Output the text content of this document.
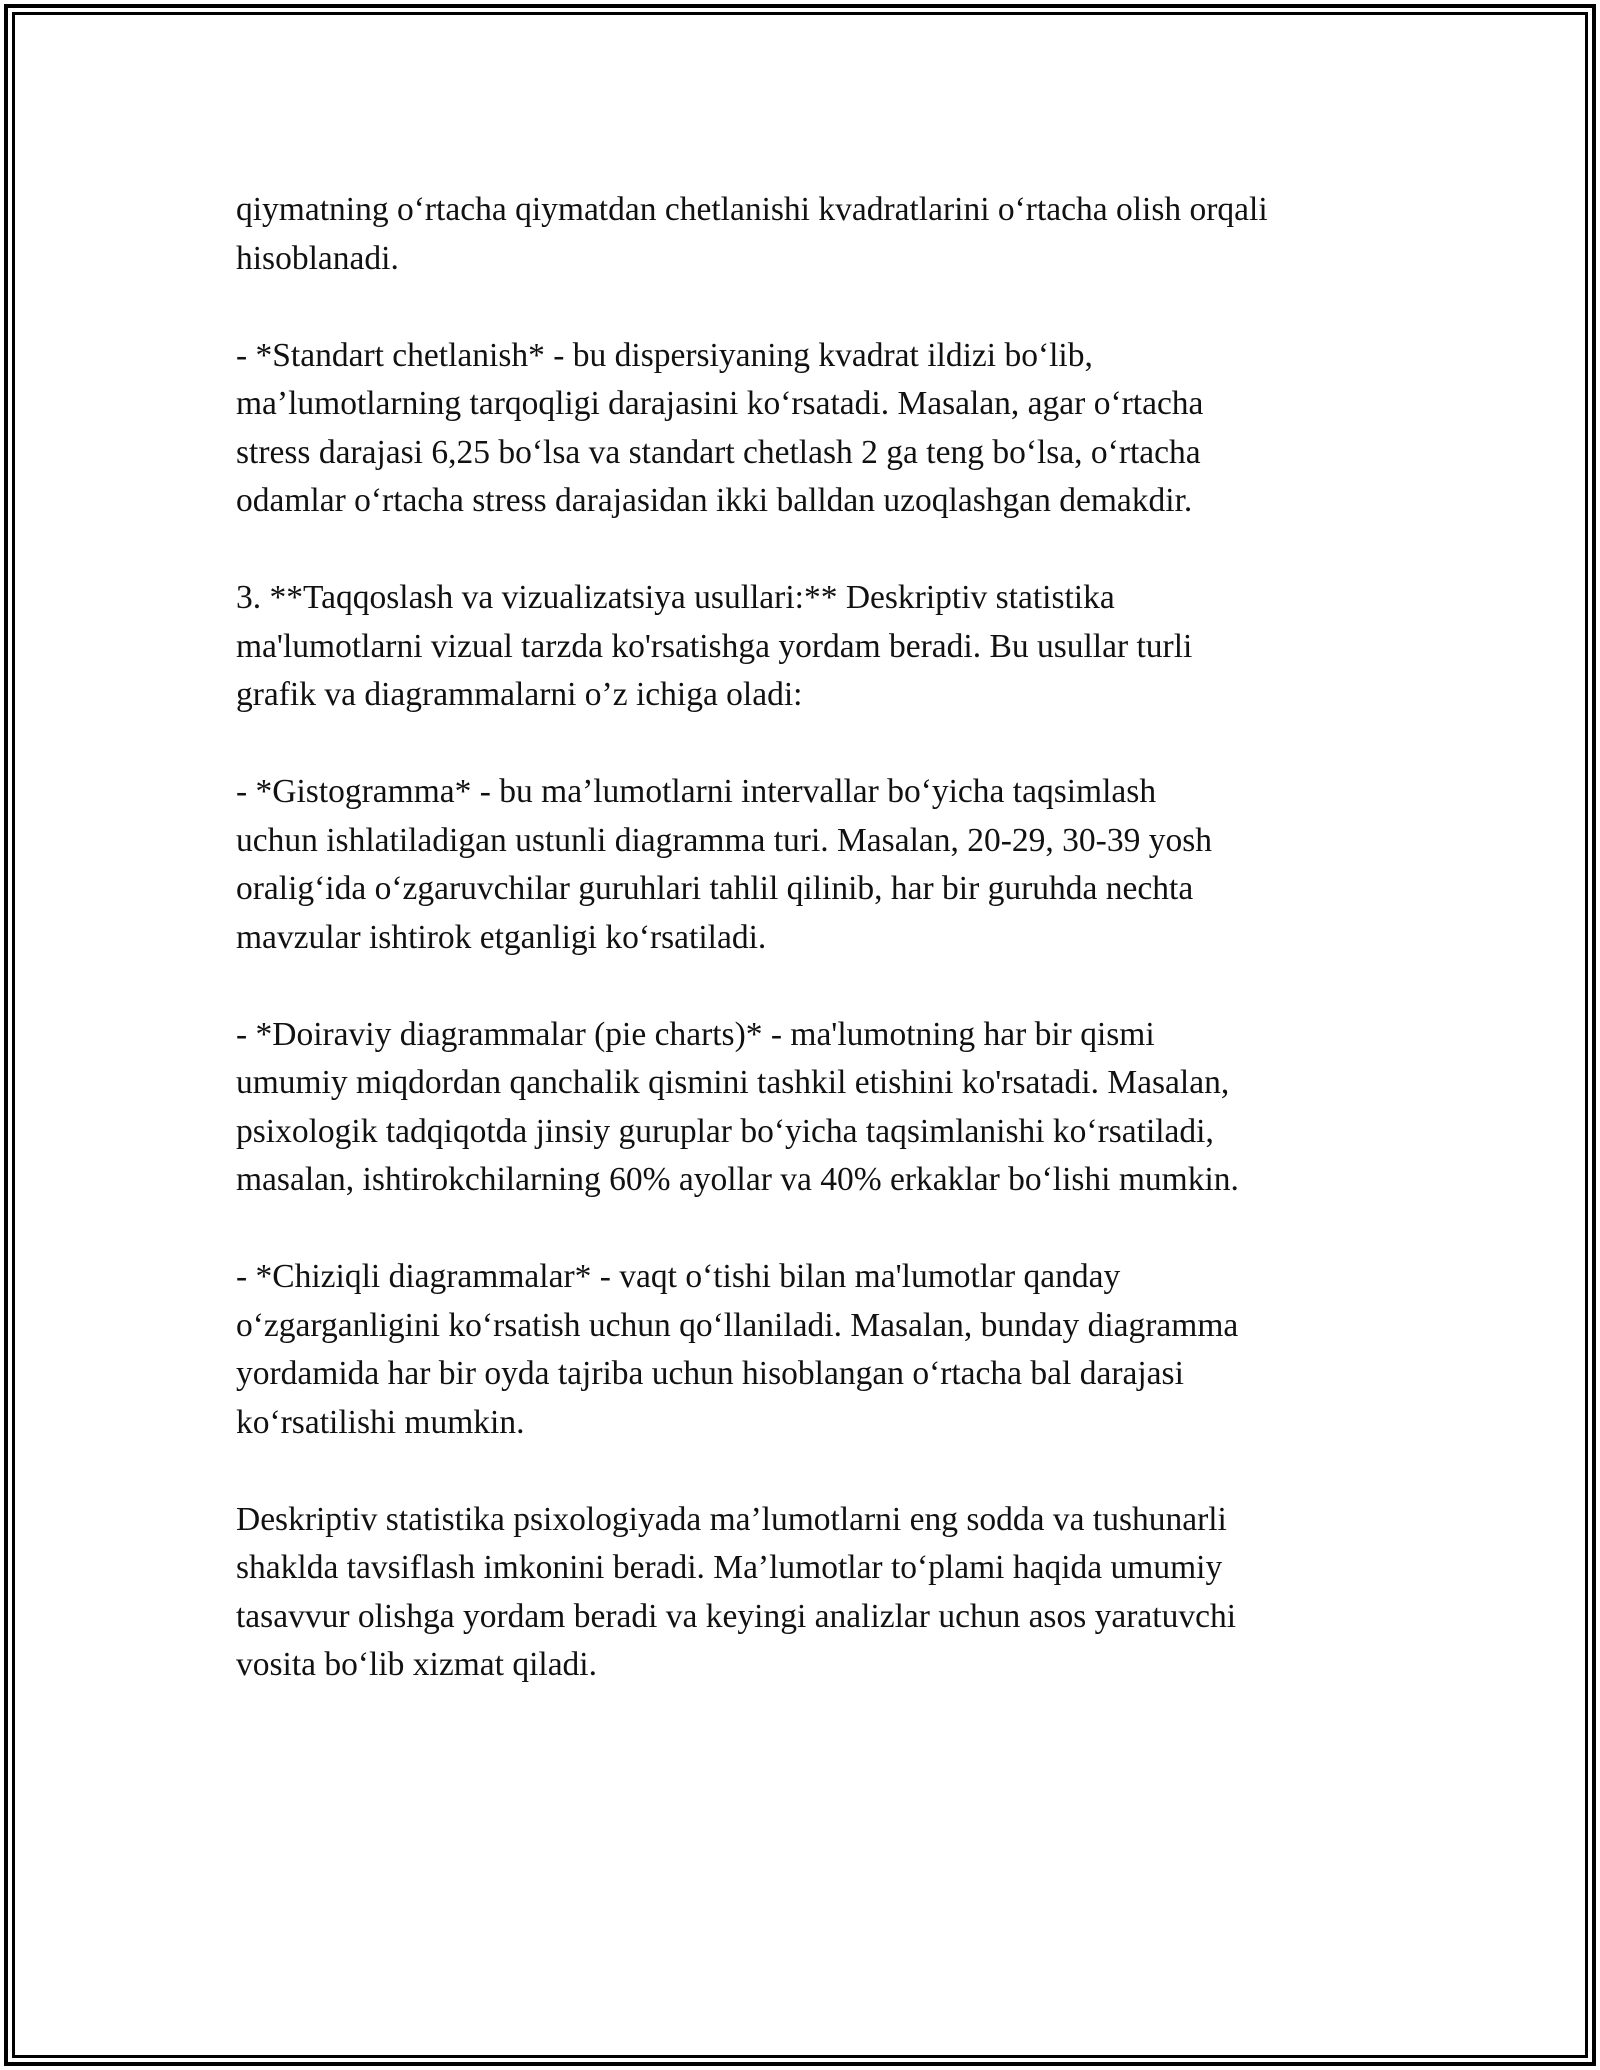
qiymatning oʻrtacha qiymatdan chetlanishi kvadratlarini oʻrtacha olish orqali
hisoblanadi.

- *Standart chetlanish* - bu dispersiyaning kvadrat ildizi boʻlib,
ma’lumotlarning tarqoqligi darajasini koʻrsatadi. Masalan, agar oʻrtacha
stress darajasi 6,25 boʻlsa va standart chetlash 2 ga teng boʻlsa, oʻrtacha
odamlar oʻrtacha stress darajasidan ikki balldan uzoqlashgan demakdir.

3. **Taqqoslash va vizualizatsiya usullari:** Deskriptiv statistika
ma'lumotlarni vizual tarzda ko'rsatishga yordam beradi. Bu usullar turli
grafik va diagrammalarni o’z ichiga oladi:

- *Gistogramma* - bu ma’lumotlarni intervallar boʻyicha taqsimlash
uchun ishlatiladigan ustunli diagramma turi. Masalan, 20-29, 30-39 yosh
oraligʻida oʻzgaruvchilar guruhlari tahlil qilinib, har bir guruhda nechta
mavzular ishtirok etganligi koʻrsatiladi.

- *Doiraviy diagrammalar (pie charts)* - ma'lumotning har bir qismi
umumiy miqdordan qanchalik qismini tashkil etishini ko'rsatadi. Masalan,
psixologik tadqiqotda jinsiy guruplar boʻyicha taqsimlanishi koʻrsatiladi,
masalan, ishtirokchilarning 60% ayollar va 40% erkaklar boʻlishi mumkin.

- *Chiziqli diagrammalar* - vaqt oʻtishi bilan ma'lumotlar qanday
oʻzgarganligini koʻrsatish uchun qoʻllaniladi. Masalan, bunday diagramma
yordamida har bir oyda tajriba uchun hisoblangan oʻrtacha bal darajasi
koʻrsatilishi mumkin.

Deskriptiv statistika psixologiyada ma’lumotlarni eng sodda va tushunarli
shaklda tavsiflash imkonini beradi. Ma’lumotlar toʻplami haqida umumiy
tasavvur olishga yordam beradi va keyingi analizlar uchun asos yaratuvchi
vosita boʻlib xizmat qiladi.
